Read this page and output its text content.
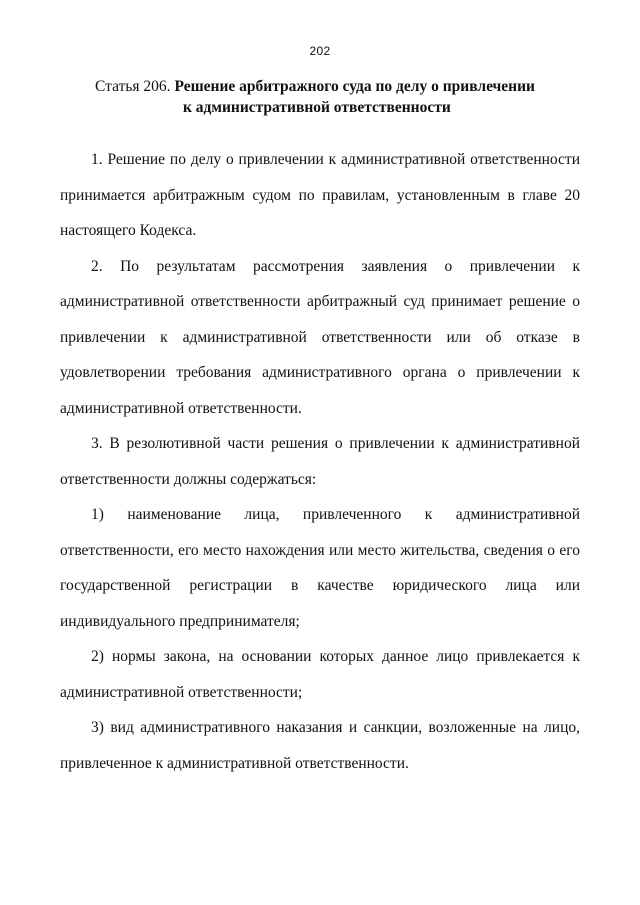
202
Статья 206. Решение арбитражного суда по делу о привлечении
к административной ответственности

1. Решение по делу о привлечении к административной ответственности принимается арбитражным судом по правилам, установленным в главе 20 настоящего Кодекса.

2. По результатам рассмотрения заявления о привлечении к административной ответственности арбитражный суд принимает решение о привлечении к административной ответственности или об отказе в удовлетворении требования административного органа о привлечении к административной ответственности.

3. В резолютивной части решения о привлечении к административной ответственности должны содержаться:

1) наименование лица, привлеченного к административной ответственности, его место нахождения или место жительства, сведения о его государственной регистрации в качестве юридического лица или индивидуального предпринимателя;

2) нормы закона, на основании которых данное лицо привлекается к административной ответственности;

3) вид административного наказания и санкции, возложенные на лицо, привлеченное к административной ответственности.
